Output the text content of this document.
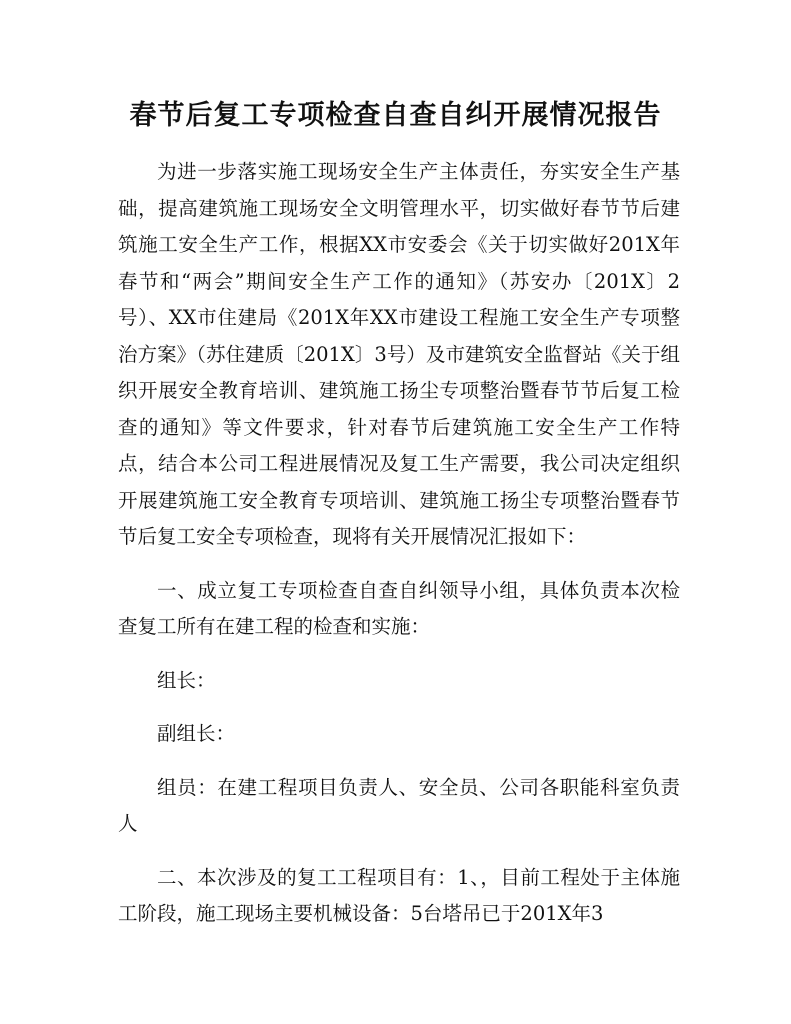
春节后复工专项检查自查自纠开展情况报告

为进一步落实施工现场安全生产主体责任，夯实安全生产基础，提高建筑施工现场安全文明管理水平，切实做好春节节后建筑施工安全生产工作，根据XX市安委会《关于切实做好201X年春节和“两会”期间安全生产工作的通知》（苏安办〔201X〕2号）、XX市住建局《201X年XX市建设工程施工安全生产专项整治方案》（苏住建质〔201X〕3号）及市建筑安全监督站《关于组织开展安全教育培训、建筑施工扬尘专项整治暨春节节后复工检查的通知》等文件要求，针对春节后建筑施工安全生产工作特点，结合本公司工程进展情况及复工生产需要，我公司决定组织开展建筑施工安全教育专项培训、建筑施工扬尘专项整治暨春节节后复工安全专项检查，现将有关开展情况汇报如下：

一、成立复工专项检查自查自纠领导小组，具体负责本次检查复工所有在建工程的检查和实施：

组长：

副组长：

组员：在建工程项目负责人、安全员、公司各职能科室负责人

二、本次涉及的复工工程项目有：1、，目前工程处于主体施工阶段，施工现场主要机械设备：5台塔吊已于201X年3
